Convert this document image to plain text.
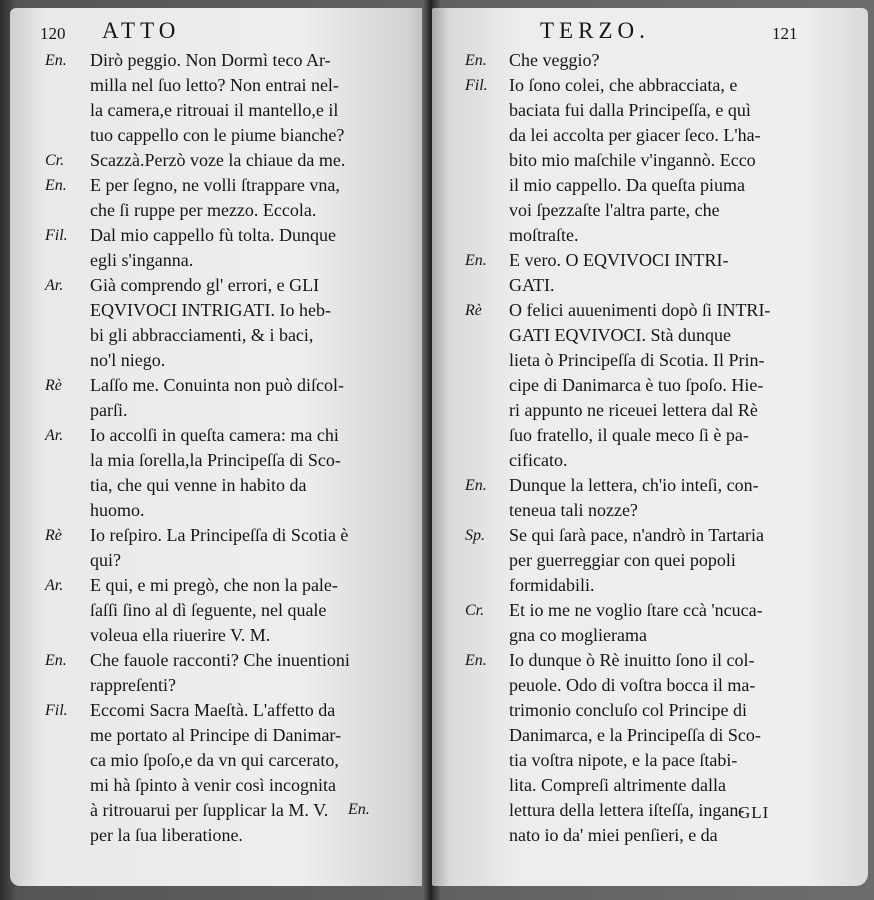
120 ATTO
En. Dirò peggio. Non Dormì teco Ar-
milla nel ſuo letto? Non entrai nel-
la camera,e ritrouai il mantello,e il
tuo cappello con le piume bianche?
Cr. Scazzà.Perzò voze la chiaue da me.
En. E per ſegno, ne volli ſtrappare vna,
che ſi ruppe per mezzo. Eccola.
Fil. Dal mio cappello fù tolta. Dunque
egli s'inganna.
Ar. Già comprendo gl' errori, e GLI
EQVIVOCI INTRIGATI. Io heb-
bi gli abbracciamenti, & i baci,
no'l niego.
Rè Laſſo me. Conuinta non può diſcol-
parſi.
Ar. Io accolſi in queſta camera: ma chi
la mia ſorella,la Principeſſa di Sco-
tia, che qui venne in habito da
huomo.
Rè Io reſpiro. La Principeſſa di Scotia è
qui?
Ar. E qui, e mi pregò, che non la pale-
ſaſſi ſino al dì ſeguente, nel quale
voleua ella riuerire V. M.
En. Che fauole racconti? Che inuentioni
rappreſenti?
Fil. Eccomi Sacra Maeſtà. L'affetto da
me portato al Principe di Danimar-
ca mio ſpoſo,e da vn qui carcerato,
mi hà ſpinto à venir così incognita
à ritrouarui per ſupplicar la M. V.
per la ſua liberatione.
En.
TERZO.	121
En. Che veggio?
Fil. Io ſono colei, che abbracciata, e
baciata fui dalla Principeſſa, e quì
da lei accolta per giacer ſeco. L'ha-
bito mio maſchile v'ingannò. Ecco
il mio cappello. Da queſta piuma
voi ſpezzaſte l'altra parte, che
moſtraſte.
En. E vero. O EQVIVOCI INTRI-
GATI.
Rè O felici auuenimenti dopò ſi INTRI-
GATI EQVIVOCI. Stà dunque
lieta ò Principeſſa di Scotia. Il Prin-
cipe di Danimarca è tuo ſpoſo. Hie-
ri appunto ne riceuei lettera dal Rè
ſuo fratello, il quale meco ſi è pa-
cificato.
En. Dunque la lettera, ch'io inteſi, con-
teneua tali nozze?
Sp. Se qui ſarà pace, n'andrò in Tartaria
per guerreggiar con quei popoli
formidabili.
Cr. Et io me ne voglio ſtare ccà 'ncuca-
gna co moglierama
En. Io dunque ò Rè inuitto ſono il col-
peuole. Odo di voſtra bocca il ma-
trimonio concluſo col Principe di
Danimarca, e la Principeſſa di Sco-
tia voſtra nipote, e la pace ſtabi-
lita. Compreſi altrimente dalla
lettura della lettera iſteſſa, ingan-
nato io da' miei penſieri, e da
GLI
